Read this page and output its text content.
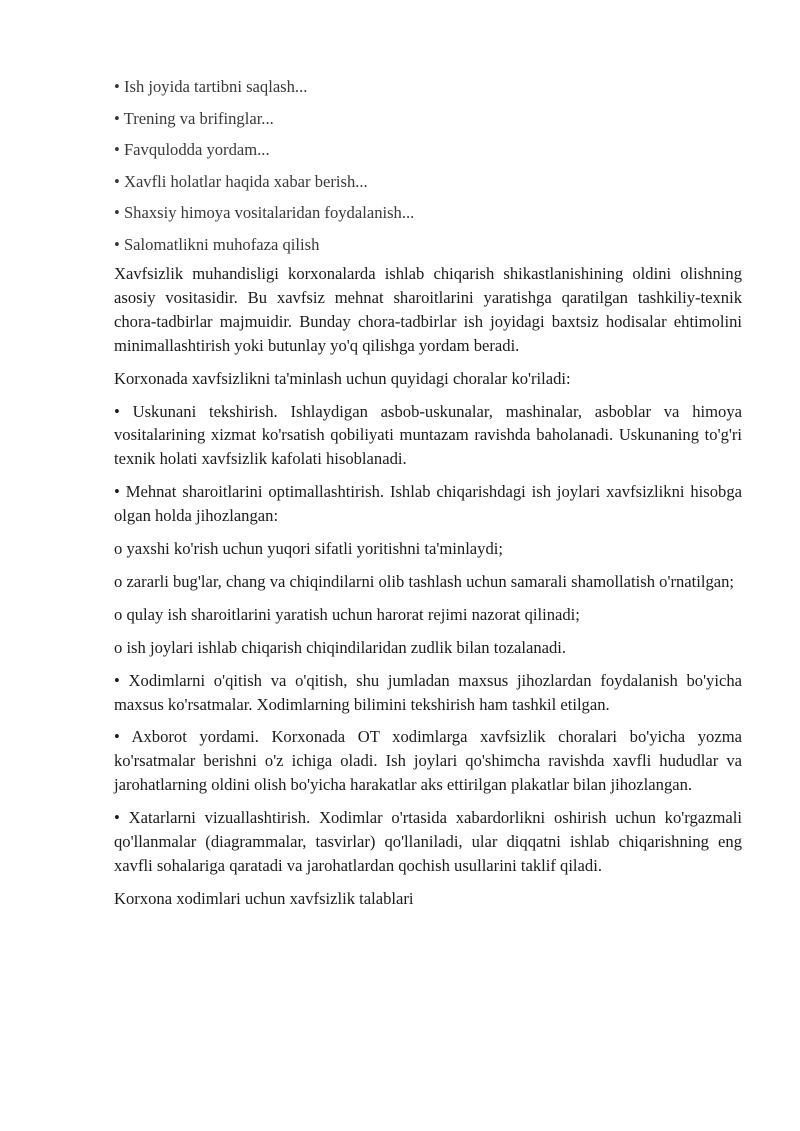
• Ish joyida tartibni saqlash...
• Trening va brifinglar...
• Favqulodda yordam...
• Xavfli holatlar haqida xabar berish...
• Shaxsiy himoya vositalaridan foydalanish...
• Salomatlikni muhofaza qilish

Xavfsizlik muhandisligi korxonalarda ishlab chiqarish shikastlanishining oldini olishning asosiy vositasidir. Bu xavfsiz mehnat sharoitlarini yaratishga qaratilgan tashkiliy-texnik chora-tadbirlar majmuidir. Bunday chora-tadbirlar ish joyidagi baxtsiz hodisalar ehtimolini minimallashtirish yoki butunlay yo'q qilishga yordam beradi.

Korxonada xavfsizlikni ta'minlash uchun quyidagi choralar ko'riladi:

• Uskunani tekshirish. Ishlaydigan asbob-uskunalar, mashinalar, asboblar va himoya vositalarining xizmat ko'rsatish qobiliyati muntazam ravishda baholanadi. Uskunaning to'g'ri texnik holati xavfsizlik kafolati hisoblanadi.

• Mehnat sharoitlarini optimallashtirish. Ishlab chiqarishdagi ish joylari xavfsizlikni hisobga olgan holda jihozlangan:

o yaxshi ko'rish uchun yuqori sifatli yoritishni ta'minlaydi;

o zararli bug'lar, chang va chiqindilarni olib tashlash uchun samarali shamollatish o'rnatilgan;

o qulay ish sharoitlarini yaratish uchun harorat rejimi nazorat qilinadi;

o ish joylari ishlab chiqarish chiqindilaridan zudlik bilan tozalanadi.

• Xodimlarni o'qitish va o'qitish, shu jumladan maxsus jihozlardan foydalanish bo'yicha maxsus ko'rsatmalar. Xodimlarning bilimini tekshirish ham tashkil etilgan.

• Axborot yordami. Korxonada OT xodimlarga xavfsizlik choralari bo'yicha yozma ko'rsatmalar berishni o'z ichiga oladi. Ish joylari qo'shimcha ravishda xavfli hududlar va jarohatlarning oldini olish bo'yicha harakatlar aks ettirilgan plakatlar bilan jihozlangan.

• Xatarlarni vizuallashtirish. Xodimlar o'rtasida xabardorlikni oshirish uchun ko'rgazmali qo'llanmalar (diagrammalar, tasvirlar) qo'llaniladi, ular diqqatni ishlab chiqarishning eng xavfli sohalariga qaratadi va jarohatlardan qochish usullarini taklif qiladi.

Korxona xodimlari uchun xavfsizlik talablari
